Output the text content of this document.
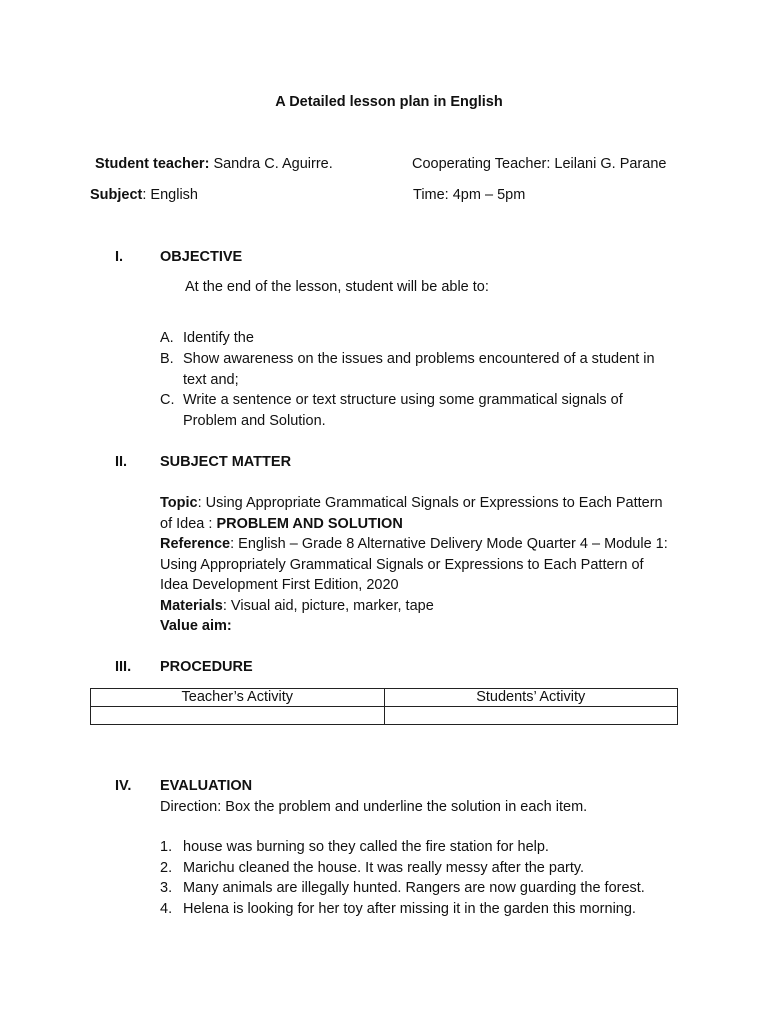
A Detailed lesson plan in English
Student teacher: Sandra C. Aguirre.	Cooperating Teacher: Leilani G. Parane
Subject: English	Time: 4pm – 5pm
I.	OBJECTIVE
At the end of the lesson, student will be able to:
A. Identify the
B. Show awareness on the issues and problems encountered of a student in text and;
C. Write a sentence or text structure using some grammatical signals of Problem and Solution.
II. SUBJECT MATTER
Topic: Using Appropriate Grammatical Signals or Expressions to Each Pattern of Idea : PROBLEM AND SOLUTION
Reference: English – Grade 8 Alternative Delivery Mode Quarter 4 – Module 1: Using Appropriately Grammatical Signals or Expressions to Each Pattern of Idea Development First Edition, 2020
Materials: Visual aid, picture, marker, tape
Value aim:
III. PROCEDURE
Teacher’s Activity	Students’ Activity

IV. EVALUATION
Direction: Box the problem and underline the solution in each item.
1. house was burning so they called the fire station for help.
2. Marichu cleaned the house. It was really messy after the party.
3. Many animals are illegally hunted. Rangers are now guarding the forest.
4. Helena is looking for her toy after missing it in the garden this morning.
